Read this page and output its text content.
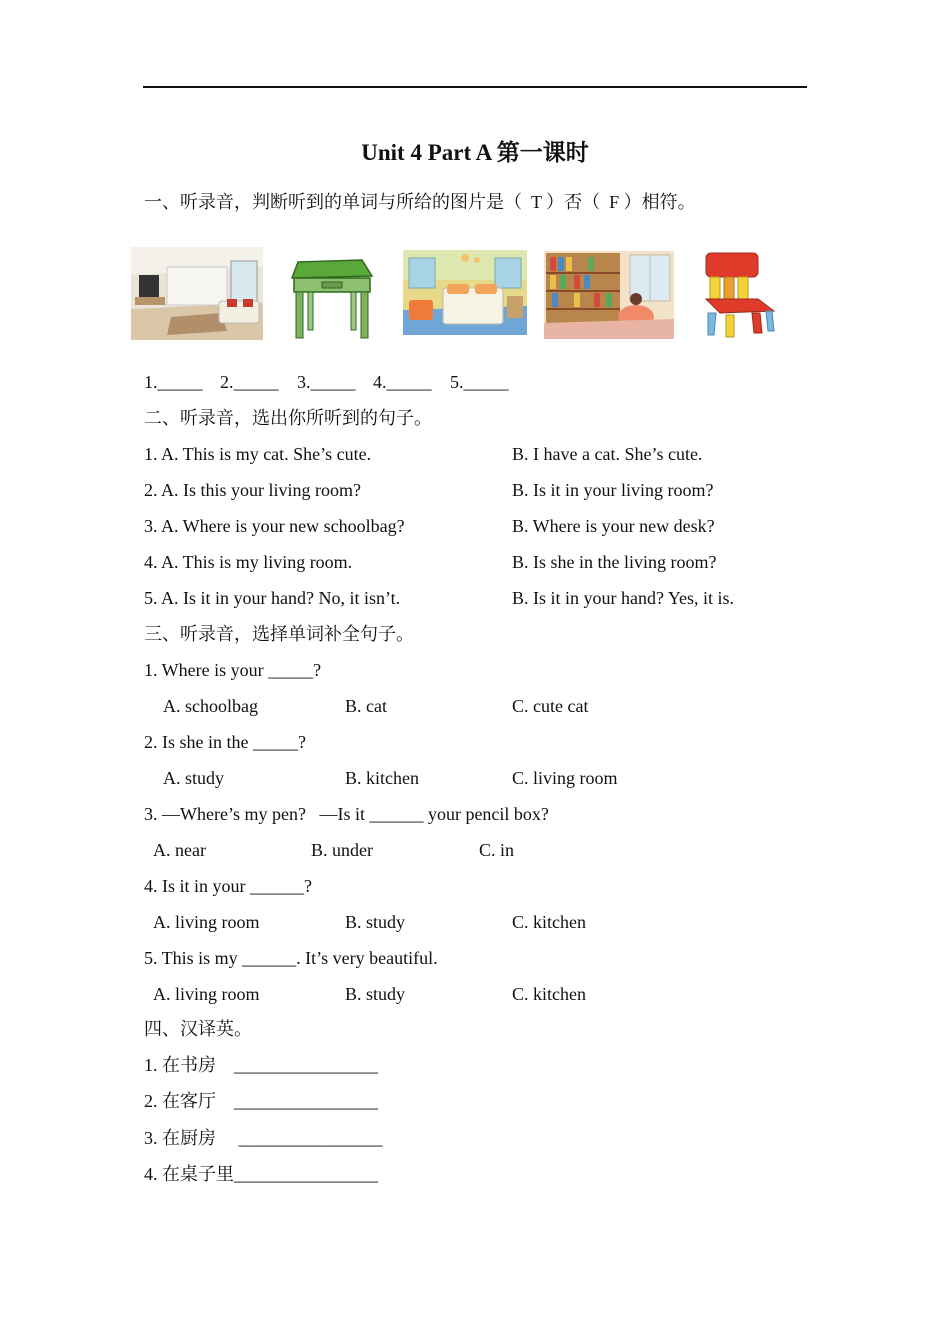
Unit 4 Part A 第一课时
一、听录音，判断听到的单词与所给的图片是（  T ）否（  F ）相符。
1._____ 2._____ 3._____ 4._____ 5._____
二、听录音，选出你所听到的句子。
1. A. This is my cat. She’s cute.	B. I have a cat. She’s cute.
2. A. Is this your living room?	B. Is it in your living room?
3. A. Where is your new schoolbag?	B. Where is your new desk?
4. A. This is my living room.	B. Is she in the living room?
5. A. Is it in your hand? No, it isn’t.	B. Is it in your hand? Yes, it is.
三、听录音，选择单词补全句子。
1. Where is your _____?
A. schoolbag	B. cat	C. cute cat
2. Is she in the _____?
A. study	B. kitchen	C. living room
3. —Where’s my pen?   —Is it ______ your pencil box?
A. near	B. under	C. in
4. Is it in your ______?
A. living room	B. study	C. kitchen
5. This is my ______. It’s very beautiful.
A. living room	B. study	C. kitchen
四、汉译英。
1. 在书房    ________________
2. 在客厅    ________________
3. 在厨房     ________________
4. 在桌子里________________
